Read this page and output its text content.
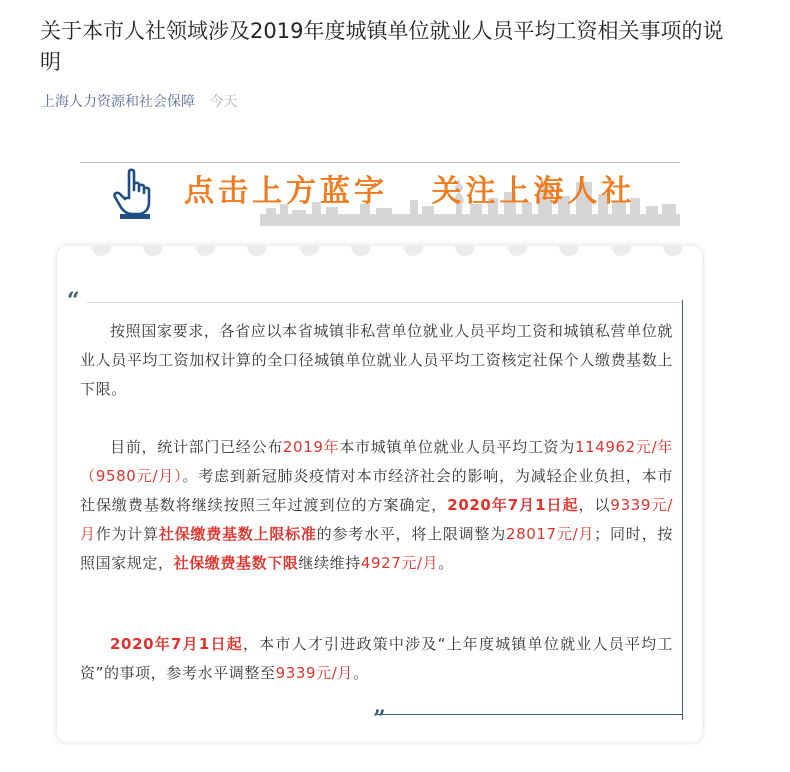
关于本市人社领域涉及2019年度城镇单位就业人员平均工资相关事项的说明
上海人力资源和社会保障 今天
点击上方蓝字   关注上海人社
“
”

按照国家要求，各省应以本省城镇非私营单位就业人员平均工资和城镇私营单位就业人员平均工资加权计算的全口径城镇单位就业人员平均工资核定社保个人缴费基数上下限。

目前，统计部门已经公布2019年本市城镇单位就业人员平均工资为114962元/年（9580元/月）。考虑到新冠肺炎疫情对本市经济社会的影响，为减轻企业负担，本市社保缴费基数将继续按照三年过渡到位的方案确定，2020年7月1日起，以9339元/月作为计算社保缴费基数上限标准的参考水平，将上限调整为28017元/月；同时，按照国家规定，社保缴费基数下限继续维持4927元/月。

2020年7月1日起，本市人才引进政策中涉及“上年度城镇单位就业人员平均工资”的事项，参考水平调整至9339元/月。
